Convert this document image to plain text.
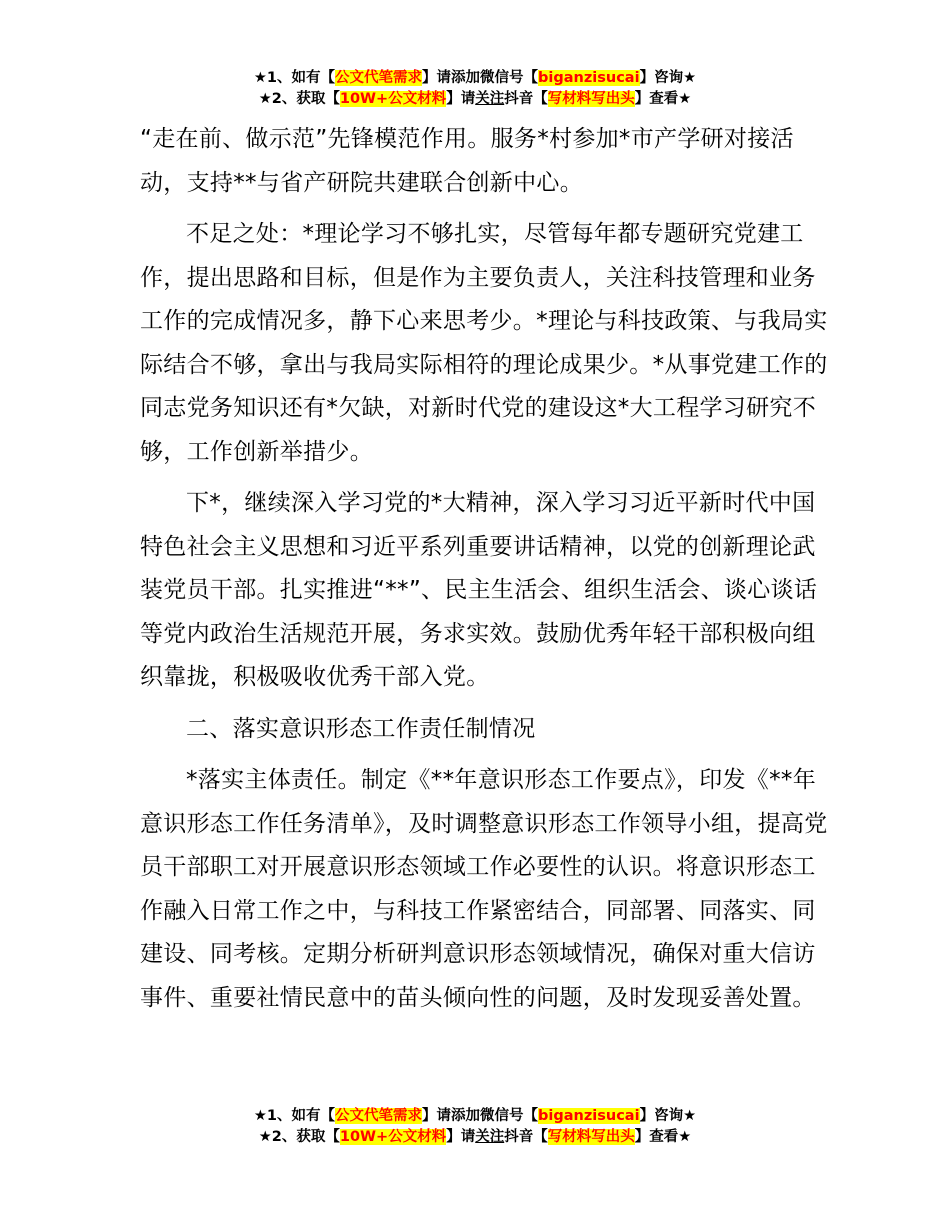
★1、如有【公文代笔需求】请添加微信号【biganzisucai】咨询★
★2、获取【10W+公文材料】请关注抖音【写材料写出头】查看★

“走在前、做示范”先锋模范作用。服务*村参加*市产学研对接活动，支持**与省产研院共建联合创新中心。

不足之处：*理论学习不够扎实，尽管每年都专题研究党建工作，提出思路和目标，但是作为主要负责人，关注科技管理和业务工作的完成情况多，静下心来思考少。*理论与科技政策、与我局实际结合不够，拿出与我局实际相符的理论成果少。*从事党建工作的同志党务知识还有*欠缺，对新时代党的建设这*大工程学习研究不够，工作创新举措少。

下*，继续深入学习党的*大精神，深入学习习近平新时代中国特色社会主义思想和习近平系列重要讲话精神，以党的创新理论武装党员干部。扎实推进“**”、民主生活会、组织生活会、谈心谈话等党内政治生活规范开展，务求实效。鼓励优秀年轻干部积极向组织靠拢，积极吸收优秀干部入党。

二、落实意识形态工作责任制情况

*落实主体责任。制定《**年意识形态工作要点》，印发《**年意识形态工作任务清单》，及时调整意识形态工作领导小组，提高党员干部职工对开展意识形态领域工作必要性的认识。将意识形态工作融入日常工作之中，与科技工作紧密结合，同部署、同落实、同建设、同考核。定期分析研判意识形态领域情况，确保对重大信访事件、重要社情民意中的苗头倾向性的问题，及时发现妥善处置。

★1、如有【公文代笔需求】请添加微信号【biganzisucai】咨询★
★2、获取【10W+公文材料】请关注抖音【写材料写出头】查看★
